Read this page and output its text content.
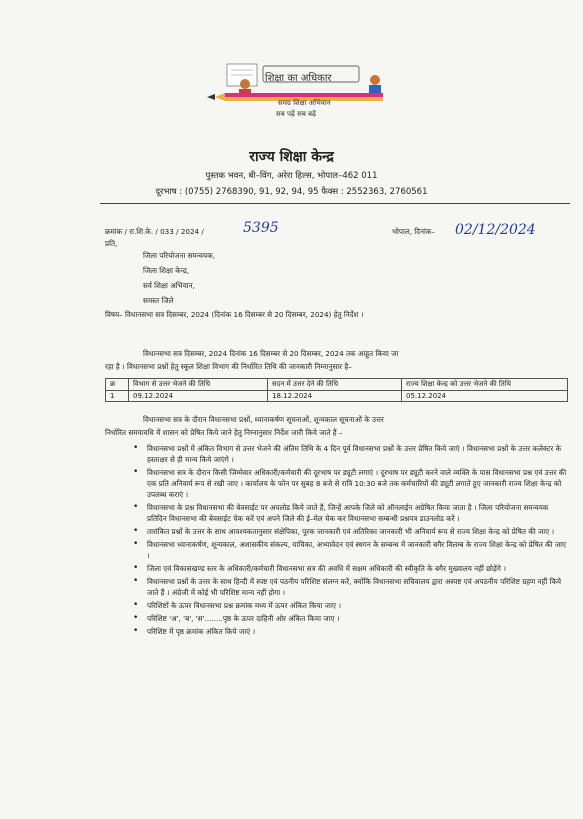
शिक्षा का अधिकार
समग्र शिक्षा अभियान
सब पढ़ें सब बढ़ें
राज्य शिक्षा केन्द्र
पुस्तक भवन, बी–विंग, अरेरा हिल्स, भोपाल–462 011
दूरभाष : (0755) 2768390, 91, 92, 94, 95 फैक्स : 2552363, 2760561
क्रमांक / रा.शि.के. / 033 / 2024 /	5395	भोपाल, दिनांक– 02/12/2024
प्रति,
जिला परियोजना समन्वयक,
जिला शिक्षा केन्द्र,
सर्व शिक्षा अभियान,
समस्त जिले
विषय– विधानसभा सत्र दिसम्बर, 2024 (दिनांक 16 दिसम्बर से 20 दिसम्बर, 2024) हेतु निर्देश ।
विधानसभा सत्र दिसम्बर, 2024 दिनांक 16 दिसम्बर से 20 दिसम्बर, 2024 तक आहूत किया जा
रहा है । विधानसभा प्रश्नों हेतु स्कूल शिक्षा विभाग की निर्धारित तिथि की जानकारी निम्नानुसार है–
क्र	विभाग से उत्तर भेजने की तिथि	सदन में उत्तर देने की तिथि	राज्य शिक्षा केन्द्र को उत्तर भेजने की तिथि
1	09.12.2024	18.12.2024	05.12.2024
विधानसभा सत्र के दौरान विधानसभा प्रश्नों, ध्यानाकर्षण सूचनाओं, शून्यकाल सूचनाओं के उत्तर
निर्धारित समयावधि में शासन को प्रेषित किये जाने हेतु निम्नानुसार निर्देश जारी किये जाते हैं –
• विधानसभा प्रश्नों में अंकित विभाग से उत्तर भेजने की अंतिम तिथि के 4 दिन पूर्व विधानसभा प्रश्नों के उत्तर प्रेषित किये जाएं । विधानसभा प्रश्नों के उत्तर कलेक्टर के हस्ताक्षर से ही मान्य किये जाएंगे ।
• विधानसभा सत्र के दौरान किसी जिम्मेवार अधिकारी/कर्मचारी की दूरभाष पर ड्यूटी लगाएं । दूरभाष पर ड्यूटी करने वाले व्यक्ति के पास विधानसभा प्रश्न एवं उत्तर की एक प्रति अनिवार्य रूप से रखी जाए । कार्यालय के फोन पर सुबह 8 बजे से रात्रि 10:30 बजे तक कर्मचारियों की ड्यूटी लगाते हुए जानकारी राज्य शिक्षा केन्द्र को उपलब्ध कराएं ।
• विधानसभा के प्रश्न विधानसभा की बेवसाईट पर अपलोड किये जाते हैं, जिन्हें आपके जिले को ऑनलाईन अग्रेषित किया जाता है । जिला परियोजना समन्वयक प्रतिदिन विधानसभा की बेवसाईट चेक करें एवं अपने जिले की ई–मेल चेक कर विधानसभा सम्बन्धी प्रश्नपत्र डाउनलोड करें ।
• तारांकित प्रश्नों के उत्तर के साथ आवश्यकतानुसार संक्षेपिका, पूरक जानकारी एवं अतिरिक्त जानकारी भी अनिवार्य रूप से राज्य शिक्षा केन्द्र को प्रेषित की जाए ।
• विधानसभा ध्यानाकर्षण, शून्यकाल, अशासकीय संकल्प, याचिका, अभ्यावेदन एवं स्थगन के सम्बन्ध में जानकारी बगैर विलम्ब के राज्य शिक्षा केन्द्र को प्रेषित की जाए ।
• जिला एवं विकासखण्ड स्तर के अधिकारी/कर्मचारी विधानसभा सत्र की अवधि में सक्षम अधिकारी की स्वीकृति के बगैर मुख्यालय नहीं छोड़ेंगे ।
• विधानसभा प्रश्नों के उत्तर के साथ हिन्दी में स्पष्ट एवं पठनीय परिशिष्ट संलग्न करें, क्योंकि विधानसभा सचिवालय द्वारा अस्पष्ट एवं अपठनीय परिशिष्ट ग्रहण नहीं किये जाते हैं । अंग्रेजी में कोई भी परिशिष्ट मान्य नहीं होगा ।
• परिशिष्टों के ऊपर विधानसभा प्रश्न क्रमांक मध्य में ऊपर अंकित किया जाए ।
• परिशिष्ट 'अ', 'ब', 'स'........पृष्ठ के ऊपर दाहिनी ओर अंकित किया जाए ।
• परिशिष्ट में पृष्ठ क्रमांक अंकित किये जाएं ।
